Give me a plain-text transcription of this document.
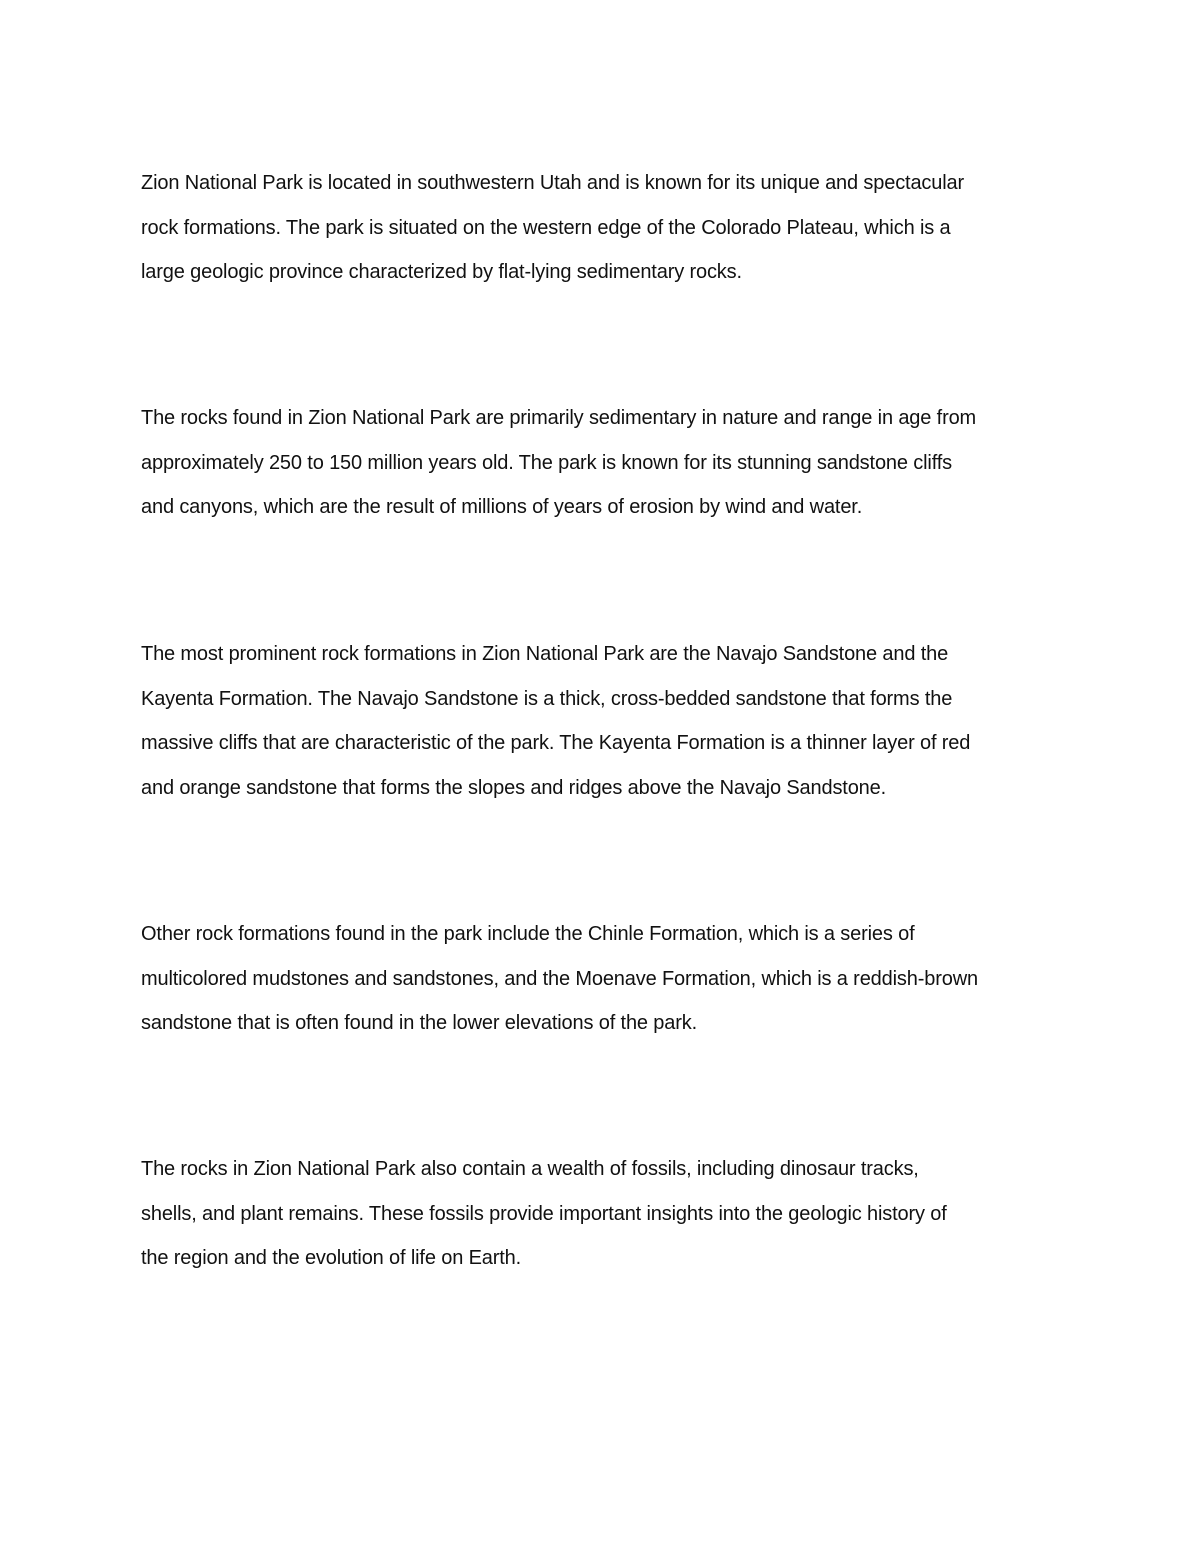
Zion National Park is located in southwestern Utah and is known for its unique and spectacular
rock formations. The park is situated on the western edge of the Colorado Plateau, which is a
large geologic province characterized by flat-lying sedimentary rocks.

The rocks found in Zion National Park are primarily sedimentary in nature and range in age from
approximately 250 to 150 million years old. The park is known for its stunning sandstone cliffs
and canyons, which are the result of millions of years of erosion by wind and water.

The most prominent rock formations in Zion National Park are the Navajo Sandstone and the
Kayenta Formation. The Navajo Sandstone is a thick, cross-bedded sandstone that forms the
massive cliffs that are characteristic of the park. The Kayenta Formation is a thinner layer of red
and orange sandstone that forms the slopes and ridges above the Navajo Sandstone.

Other rock formations found in the park include the Chinle Formation, which is a series of
multicolored mudstones and sandstones, and the Moenave Formation, which is a reddish-brown
sandstone that is often found in the lower elevations of the park.

The rocks in Zion National Park also contain a wealth of fossils, including dinosaur tracks,
shells, and plant remains. These fossils provide important insights into the geologic history of
the region and the evolution of life on Earth.
